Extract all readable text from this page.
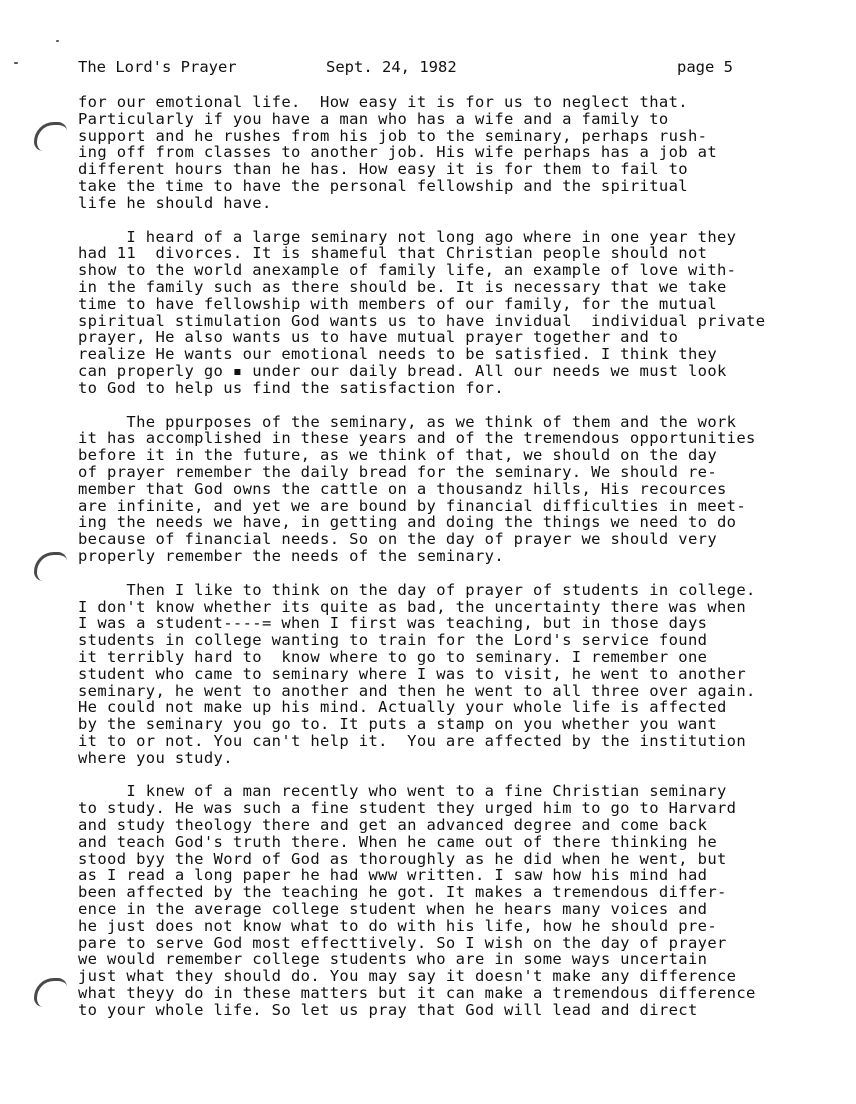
The Lord's Prayer	Sept. 24, 1982	page 5
for our emotional life.  How easy it is for us to neglect that.
Particularly if you have a man who has a wife and a family to
support and he rushes from his job to the seminary, perhaps rush-
ing off from classes to another job. His wife perhaps has a job at
different hours than he has. How easy it is for them to fail to
take the time to have the personal fellowship and the spiritual
life he should have.
I heard of a large seminary not long ago where in one year they
had 11  divorces. It is shameful that Christian people should not
show to the world anexample of family life, an example of love with-
in the family such as there should be. It is necessary that we take
time to have fellowship with members of our family, for the mutual
spiritual stimulation God wants us to have invidual  individual private
prayer, He also wants us to have mutual prayer together and to
realize He wants our emotional needs to be satisfied. I think they
can properly go ▪ under our daily bread. All our needs we must look
to God to help us find the satisfaction for.
The ppurposes of the seminary, as we think of them and the work
it has accomplished in these years and of the tremendous opportunities
before it in the future, as we think of that, we should on the day
of prayer remember the daily bread for the seminary. We should re-
member that God owns the cattle on a thousandz hills, His recources
are infinite, and yet we are bound by financial difficulties in meet-
ing the needs we have, in getting and doing the things we need to do
because of financial needs. So on the day of prayer we should very
properly remember the needs of the seminary.
Then I like to think on the day of prayer of students in college.
I don't know whether its quite as bad, the uncertainty there was when
I was a student----= when I first was teaching, but in those days
students in college wanting to train for the Lord's service found
it terribly hard to  know where to go to seminary. I remember one
student who came to seminary where I was to visit, he went to another
seminary, he went to another and then he went to all three over again.
He could not make up his mind. Actually your whole life is affected
by the seminary you go to. It puts a stamp on you whether you want
it to or not. You can't help it.  You are affected by the institution
where you study.
I knew of a man recently who went to a fine Christian seminary
to study. He was such a fine student they urged him to go to Harvard
and study theology there and get an advanced degree and come back
and teach God's truth there. When he came out of there thinking he
stood byy the Word of God as thoroughly as he did when he went, but
as I read a long paper he had www written. I saw how his mind had
been affected by the teaching he got. It makes a tremendous differ-
ence in the average college student when he hears many voices and
he just does not know what to do with his life, how he should pre-
pare to serve God most effecttively. So I wish on the day of prayer
we would remember college students who are in some ways uncertain
just what they should do. You may say it doesn't make any difference
what theyy do in these matters but it can make a tremendous difference
to your whole life. So let us pray that God will lead and direct
